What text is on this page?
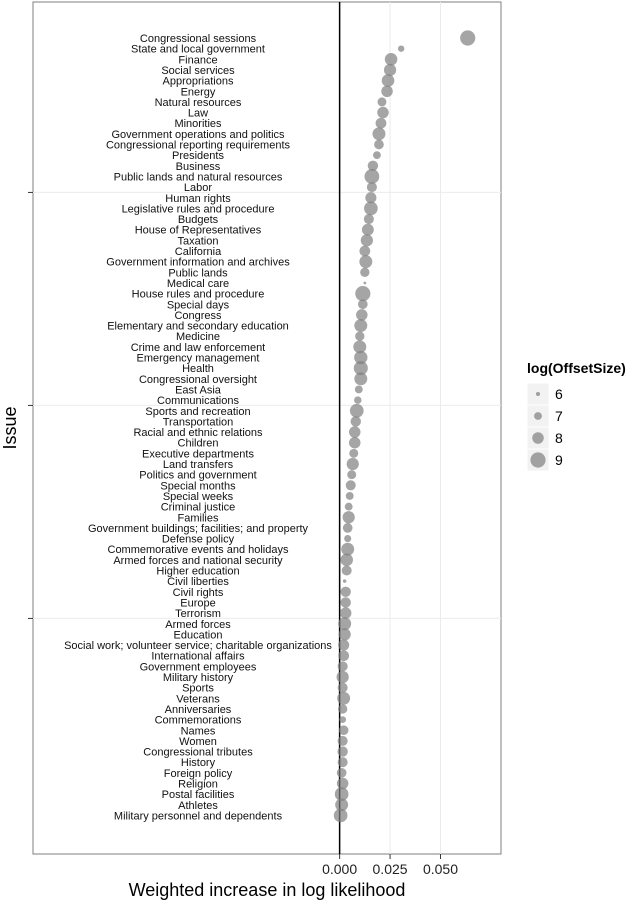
Congressional sessions
State and local government
Finance
Social services
Appropriations
Energy
Natural resources
Law
Minorities
Government operations and politics
Congressional reporting requirements
Presidents
Business
Public lands and natural resources
Labor
Human rights
Legislative rules and procedure
Budgets
House of Representatives
Taxation
California
Government information and archives
Public lands
Medical care
House rules and procedure
Special days
Congress
Elementary and secondary education
Medicine
Crime and law enforcement
Emergency management
Health
Congressional oversight
East Asia
Communications
Sports and recreation
Transportation
Racial and ethnic relations
Children
Executive departments
Land transfers
Politics and government
Special months
Special weeks
Criminal justice
Families
Government buildings; facilities; and property
Defense policy
Commemorative events and holidays
Armed forces and national security
Higher education
Civil liberties
Civil rights
Europe
Terrorism
Armed forces
Education
Social work; volunteer service; charitable organizations
International affairs
Government employees
Military history
Sports
Veterans
Anniversaries
Commemorations
Names
Women
Congressional tributes
History
Foreign policy
Religion
Postal facilities
Athletes
Military personnel and dependents
0.000 0.025 0.050
Weighted increase in log likelihood
Issue
log(OffsetSize)
6
7
8
9
